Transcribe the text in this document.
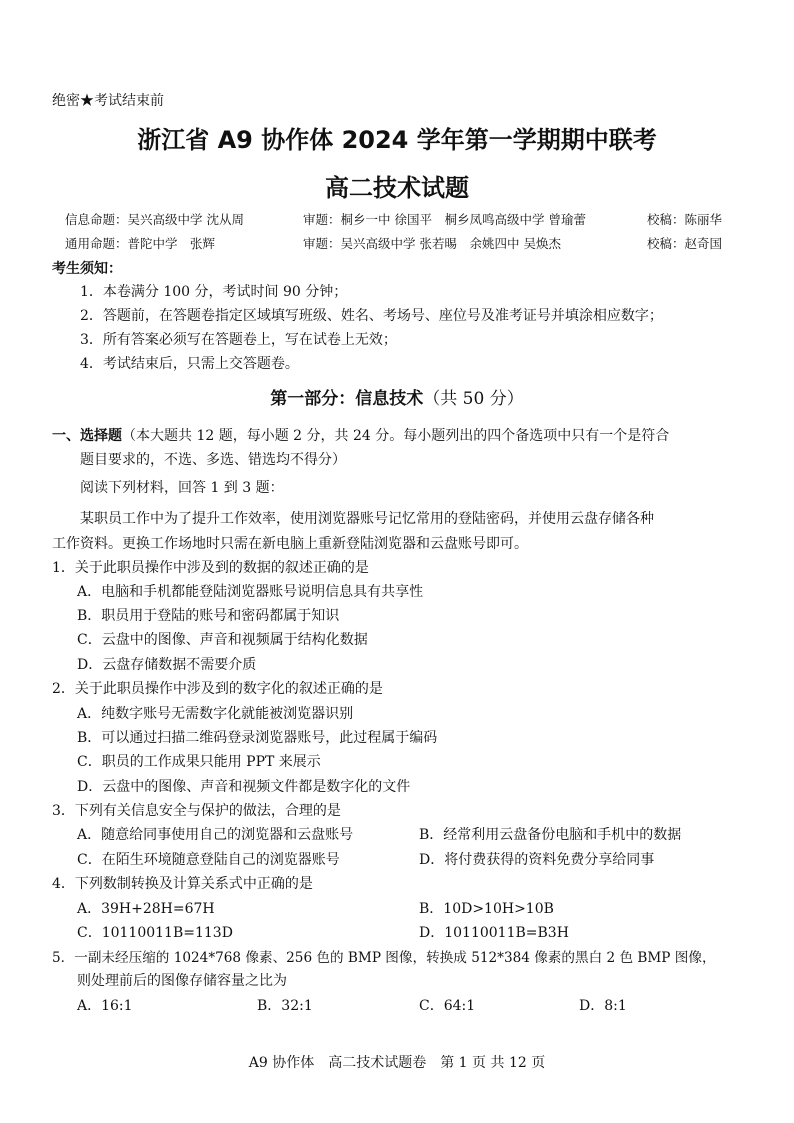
绝密★考试结束前
浙江省 A9 协作体 2024 学年第一学期期中联考
高二技术试题
信息命题：吴兴高级中学 沈从周	审题：桐乡一中 徐国平　桐乡凤鸣高级中学 曾瑜蕾	校稿：陈丽华
通用命题：普陀中学　张辉	审题：吴兴高级中学 张若晹　余姚四中 吴焕杰	校稿：赵奇国
考生须知：
1．本卷满分 100 分，考试时间 90 分钟；
2．答题前，在答题卷指定区域填写班级、姓名、考场号、座位号及准考证号并填涂相应数字；
3．所有答案必须写在答题卷上，写在试卷上无效；
4．考试结束后，只需上交答题卷。
第一部分：信息技术（共 50 分）
一、选择题（本大题共 12 题，每小题 2 分，共 24 分。每小题列出的四个备选项中只有一个是符合
题目要求的，不选、多选、错选均不得分）
阅读下列材料，回答 1 到 3 题：
某职员工作中为了提升工作效率，使用浏览器账号记忆常用的登陆密码，并使用云盘存储各种
工作资料。更换工作场地时只需在新电脑上重新登陆浏览器和云盘账号即可。
1．关于此职员操作中涉及到的数据的叙述正确的是
A．电脑和手机都能登陆浏览器账号说明信息具有共享性
B．职员用于登陆的账号和密码都属于知识
C．云盘中的图像、声音和视频属于结构化数据
D．云盘存储数据不需要介质
2．关于此职员操作中涉及到的数字化的叙述正确的是
A．纯数字账号无需数字化就能被浏览器识别
B．可以通过扫描二维码登录浏览器账号，此过程属于编码
C．职员的工作成果只能用 PPT 来展示
D．云盘中的图像、声音和视频文件都是数字化的文件
3．下列有关信息安全与保护的做法，合理的是
A．随意给同事使用自己的浏览器和云盘账号	B．经常利用云盘备份电脑和手机中的数据
C．在陌生环境随意登陆自己的浏览器账号	D．将付费获得的资料免费分享给同事
4．下列数制转换及计算关系式中正确的是
A．39H+28H=67H	B．10D>10H>10B
C．10110011B=113D	D．10110011B=B3H
5．一副未经压缩的 1024*768 像素、256 色的 BMP 图像，转换成 512*384 像素的黑白 2 色 BMP 图像，
则处理前后的图像存储容量之比为
A．16:1	B．32:1	C．64:1	D．8:1
A9 协作体　高二技术试题卷　第 1 页 共 12 页
